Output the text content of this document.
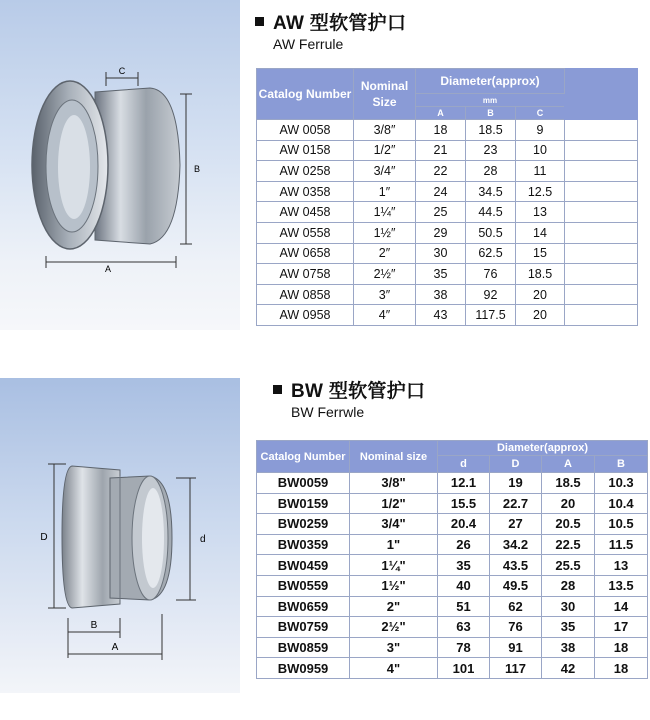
C
B
A
AW 型软管护口
AW Ferrule
Catalog Number	Nominal Size	Diameter(approx)			
		mm			
		A	B	C	
AW 0058	3/8″	18	18.5	9	
AW 0158	1/2″	21	23	10	
AW 0258	3/4″	22	28	11	
AW 0358	1″	24	34.5	12.5	
AW 0458	1¼″	25	44.5	13	
AW 0558	1½″	29	50.5	14	
AW 0658	2″	30	62.5	15	
AW 0758	2½″	35	76	18.5	
AW 0858	3″	38	92	20	
AW 0958	4″	43	117.5	20	
D	d
B
A
BW 型软管护口
BW Ferrwle
Catalog Number	Nominal size	Diameter(approx)			
		d	D	A	B
BW0059	3/8"	12.1	19	18.5	10.3
BW0159	1/2"	15.5	22.7	20	10.4
BW0259	3/4"	20.4	27	20.5	10.5
BW0359	1"	26	34.2	22.5	11.5
BW0459	1¼"	35	43.5	25.5	13
BW0559	1½"	40	49.5	28	13.5
BW0659	2"	51	62	30	14
BW0759	2½"	63	76	35	17
BW0859	3"	78	91	38	18
BW0959	4"	101	117	42	18
